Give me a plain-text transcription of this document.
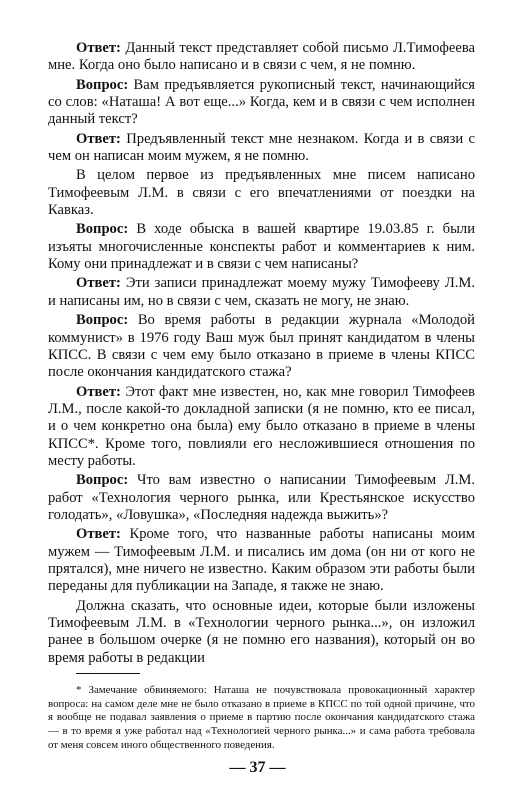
Ответ: Данный текст представляет собой письмо Л.Тимофеева мне. Когда оно было написано и в связи с чем, я не помню.

Вопрос: Вам предъявляется рукописный текст, начинающийся со слов: «Наташа! А вот еще...» Когда, кем и в связи с чем исполнен данный текст?

Ответ: Предъявленный текст мне незнаком. Когда и в связи с чем он написан моим мужем, я не помню.

В целом первое из предъявленных мне писем написано Тимофеевым Л.М. в связи с его впечатлениями от поездки на Кавказ.

Вопрос: В ходе обыска в вашей квартире 19.03.85 г. были изъяты многочисленные конспекты работ и комментариев к ним. Кому они принадлежат и в связи с чем написаны?

Ответ: Эти записи принадлежат моему мужу Тимофееву Л.М. и написаны им, но в связи с чем, сказать не могу, не знаю.

Вопрос: Во время работы в редакции журнала «Молодой коммунист» в 1976 году Ваш муж был принят кандидатом в члены КПСС. В связи с чем ему было отказано в приеме в члены КПСС после окончания кандидатского стажа?

Ответ: Этот факт мне известен, но, как мне говорил Тимофеев Л.М., после какой-то докладной записки (я не помню, кто ее писал, и о чем конкретно она была) ему было отказано в приеме в члены КПСС*. Кроме того, повлияли его несложившиеся отношения по месту работы.

Вопрос: Что вам известно о написании Тимофеевым Л.М. работ «Технология черного рынка, или Крестьянское искусство голодать», «Ловушка», «Последняя надежда выжить»?

Ответ: Кроме того, что названные работы написаны моим мужем — Тимофеевым Л.М. и писались им дома (он ни от кого не прятался), мне ничего не известно. Каким образом эти работы были переданы для публикации на Западе, я также не знаю.

Должна сказать, что основные идеи, которые были изложены Тимофеевым Л.М. в «Технологии черного рынка...», он изложил ранее в большом очерке (я не помню его названия), который он во время работы в редакции

* Замечание обвиняемого: Наташа не почувствовала провокационный характер вопроса: на самом деле мне не было отказано в приеме в КПСС по той одной причине, что я вообще не подавал заявления о приеме в партию после окончания кандидатского стажа — в то время я уже работал над «Технологией черного рынка...» и сама работа требовала от меня совсем иного общественного поведения.

— 37 —
